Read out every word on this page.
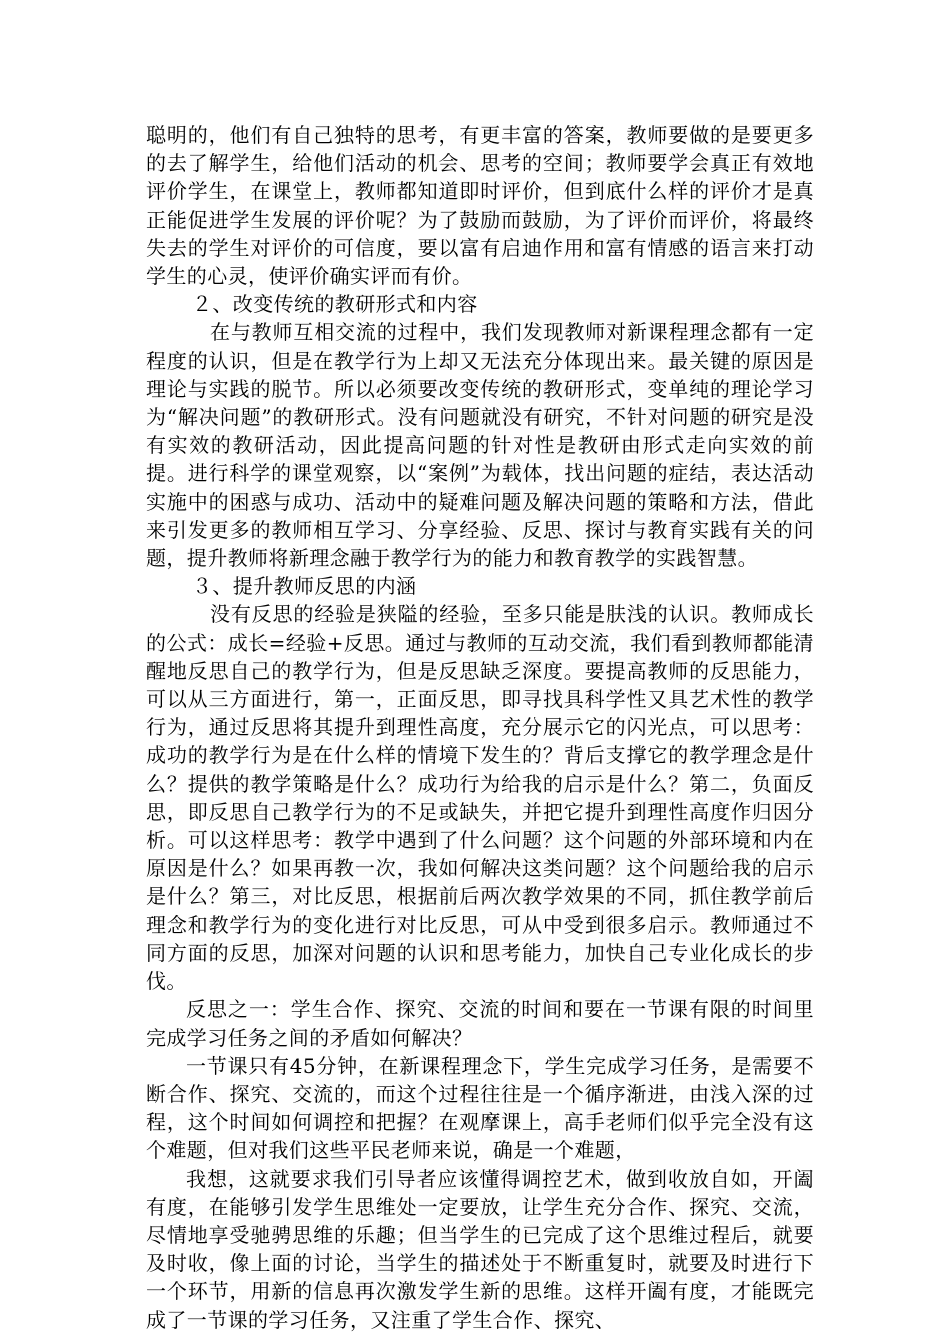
聪明的，他们有自己独特的思考，有更丰富的答案，教师要做的是要更多的去了解学生，给他们活动的机会、思考的空间；教师要学会真正有效地评价学生，在课堂上，教师都知道即时评价，但到底什么样的评价才是真正能促进学生发展的评价呢？为了鼓励而鼓励，为了评价而评价，将最终失去的学生对评价的可信度，要以富有启迪作用和富有情感的语言来打动学生的心灵，使评价确实评而有价。

２、改变传统的教研形式和内容

在与教师互相交流的过程中，我们发现教师对新课程理念都有一定程度的认识，但是在教学行为上却又无法充分体现出来。最关键的原因是理论与实践的脱节。所以必须要改变传统的教研形式，变单纯的理论学习为“解决问题”的教研形式。没有问题就没有研究，不针对问题的研究是没有实效的教研活动，因此提高问题的针对性是教研由形式走向实效的前提。进行科学的课堂观察，以“案例”为载体，找出问题的症结，表达活动实施中的困惑与成功、活动中的疑难问题及解决问题的策略和方法，借此来引发更多的教师相互学习、分享经验、反思、探讨与教育实践有关的问题，提升教师将新理念融于教学行为的能力和教育教学的实践智慧。

３、提升教师反思的内涵

没有反思的经验是狭隘的经验，至多只能是肤浅的认识。教师成长的公式：成长=经验+反思。通过与教师的互动交流，我们看到教师都能清醒地反思自己的教学行为，但是反思缺乏深度。要提高教师的反思能力，可以从三方面进行，第一，正面反思，即寻找具科学性又具艺术性的教学行为，通过反思将其提升到理性高度，充分展示它的闪光点，可以思考：成功的教学行为是在什么样的情境下发生的？背后支撑它的教学理念是什么？提供的教学策略是什么？成功行为给我的启示是什么？第二，负面反思，即反思自己教学行为的不足或缺失，并把它提升到理性高度作归因分析。可以这样思考：教学中遇到了什么问题？这个问题的外部环境和内在原因是什么？如果再教一次，我如何解决这类问题？这个问题给我的启示是什么？第三，对比反思，根据前后两次教学效果的不同，抓住教学前后理念和教学行为的变化进行对比反思，可从中受到很多启示。教师通过不同方面的反思，加深对问题的认识和思考能力，加快自己专业化成长的步伐。

反思之一：学生合作、探究、交流的时间和要在一节课有限的时间里完成学习任务之间的矛盾如何解决？

一节课只有45分钟，在新课程理念下，学生完成学习任务，是需要不断合作、探究、交流的，而这个过程往往是一个循序渐进，由浅入深的过程，这个时间如何调控和把握？在观摩课上，高手老师们似乎完全没有这个难题，但对我们这些平民老师来说，确是一个难题，

我想，这就要求我们引导者应该懂得调控艺术，做到收放自如，开阖有度，在能够引发学生思维处一定要放，让学生充分合作、探究、交流，尽情地享受驰骋思维的乐趣；但当学生的已完成了这个思维过程后，就要及时收，像上面的讨论，当学生的描述处于不断重复时，就要及时进行下一个环节，用新的信息再次激发学生新的思维。这样开阖有度，才能既完成了一节课的学习任务，又注重了学生合作、探究、
